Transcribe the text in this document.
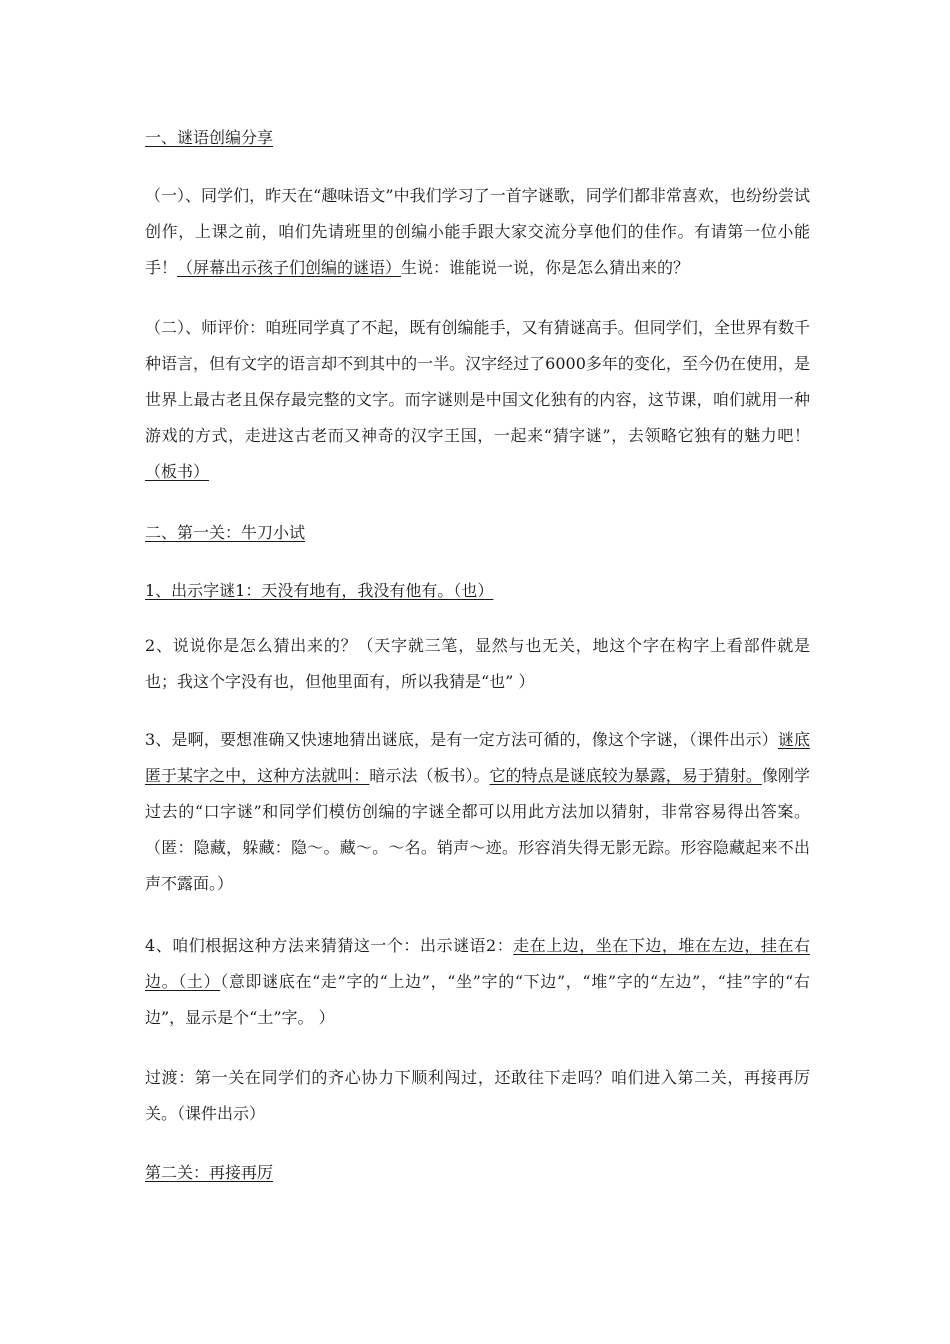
一、谜语创编分享

（一）、同学们，昨天在“趣味语文”中我们学习了一首字谜歌，同学们都非常喜欢，也纷纷尝试创作，上课之前，咱们先请班里的创编小能手跟大家交流分享他们的佳作。有请第一位小能手！（屏幕出示孩子们创编的谜语）生说：谁能说一说，你是怎么猜出来的？

（二）、师评价：咱班同学真了不起，既有创编能手，又有猜谜高手。但同学们，全世界有数千种语言，但有文字的语言却不到其中的一半。汉字经过了6000多年的变化，至今仍在使用，是世界上最古老且保存最完整的文字。而字谜则是中国文化独有的内容，这节课，咱们就用一种游戏的方式，走进这古老而又神奇的汉字王国，一起来“猜字谜”，去领略它独有的魅力吧！（板书）

二、第一关：牛刀小试

1、出示字谜1：天没有地有，我没有他有。（也）

2、说说你是怎么猜出来的？（天字就三笔，显然与也无关，地这个字在构字上看部件就是也；我这个字没有也，但他里面有，所以我猜是“也” ）

3、是啊，要想准确又快速地猜出谜底，是有一定方法可循的，像这个字谜，（课件出示）谜底匿于某字之中，这种方法就叫：暗示法（板书）。它的特点是谜底较为暴露，易于猜射。像刚学过去的“口字谜”和同学们模仿创编的字谜全都可以用此方法加以猜射，非常容易得出答案。（匿：隐藏，躲藏：隐～。藏～。～名。销声～迹。形容消失得无影无踪。形容隐藏起来不出声不露面。）

4、咱们根据这种方法来猜猜这一个：出示谜语2：走在上边，坐在下边，堆在左边，挂在右边。（土）（意即谜底在“走”字的“上边”，“坐”字的“下边”，“堆”字的“左边”，“挂”字的“右边”，显示是个“土”字。 ）

过渡：第一关在同学们的齐心协力下顺利闯过，还敢往下走吗？咱们进入第二关，再接再厉关。（课件出示）

第二关：再接再厉
